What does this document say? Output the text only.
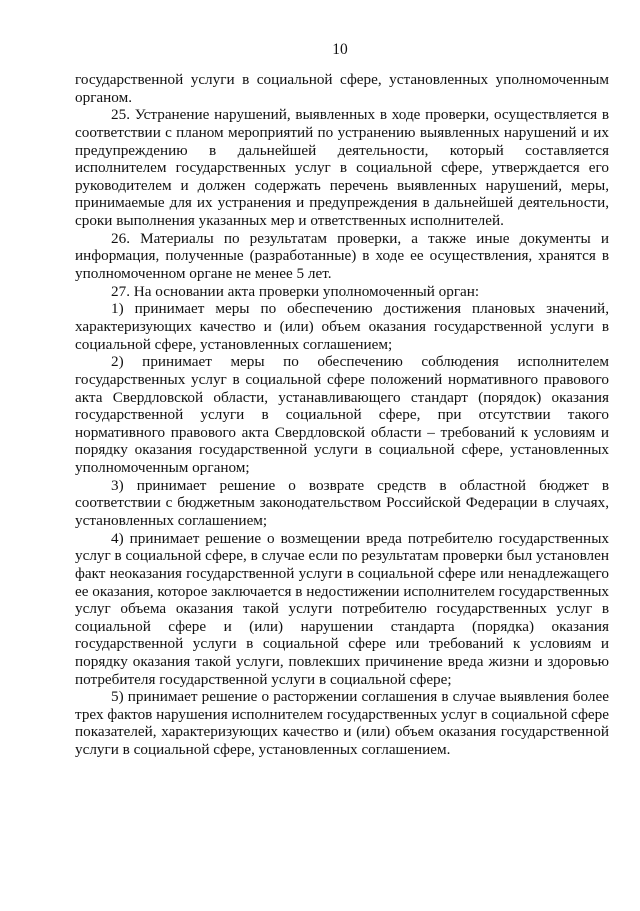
10

государственной услуги в социальной сфере, установленных уполномоченным органом.

25. Устранение нарушений, выявленных в ходе проверки, осуществляется в соответствии с планом мероприятий по устранению выявленных нарушений и их предупреждению в дальнейшей деятельности, который составляется исполнителем государственных услуг в социальной сфере, утверждается его руководителем и должен содержать перечень выявленных нарушений, меры, принимаемые для их устранения и предупреждения в дальнейшей деятельности, сроки выполнения указанных мер и ответственных исполнителей.

26. Материалы по результатам проверки, а также иные документы и информация, полученные (разработанные) в ходе ее осуществления, хранятся в уполномоченном органе не менее 5 лет.

27. На основании акта проверки уполномоченный орган:

1) принимает меры по обеспечению достижения плановых значений, характеризующих качество и (или) объем оказания государственной услуги в социальной сфере, установленных соглашением;

2) принимает меры по обеспечению соблюдения исполнителем государственных услуг в социальной сфере положений нормативного правового акта Свердловской области, устанавливающего стандарт (порядок) оказания государственной услуги в социальной сфере, при отсутствии такого нормативного правового акта Свердловской области – требований к условиям и порядку оказания государственной услуги в социальной сфере, установленных уполномоченным органом;

3) принимает решение о возврате средств в областной бюджет в соответствии с бюджетным законодательством Российской Федерации в случаях, установленных соглашением;

4) принимает решение о возмещении вреда потребителю государственных услуг в социальной сфере, в случае если по результатам проверки был установлен факт неоказания государственной услуги в социальной сфере или ненадлежащего ее оказания, которое заключается в недостижении исполнителем государственных услуг объема оказания такой услуги потребителю государственных услуг в социальной сфере и (или) нарушении стандарта (порядка) оказания государственной услуги в социальной сфере или требований к условиям и порядку оказания такой услуги, повлекших причинение вреда жизни и здоровью потребителя государственной услуги в социальной сфере;

5) принимает решение о расторжении соглашения в случае выявления более трех фактов нарушения исполнителем государственных услуг в социальной сфере показателей, характеризующих качество и (или) объем оказания государственной услуги в социальной сфере, установленных соглашением.
